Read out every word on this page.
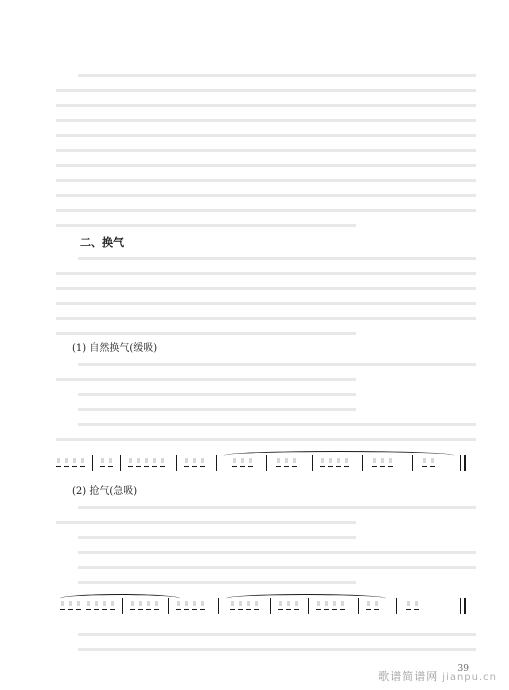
二、换气
(1) 自然换气(缓吸)
(2) 抢气(急吸)
39
歌谱简谱网 jianpu.cn
